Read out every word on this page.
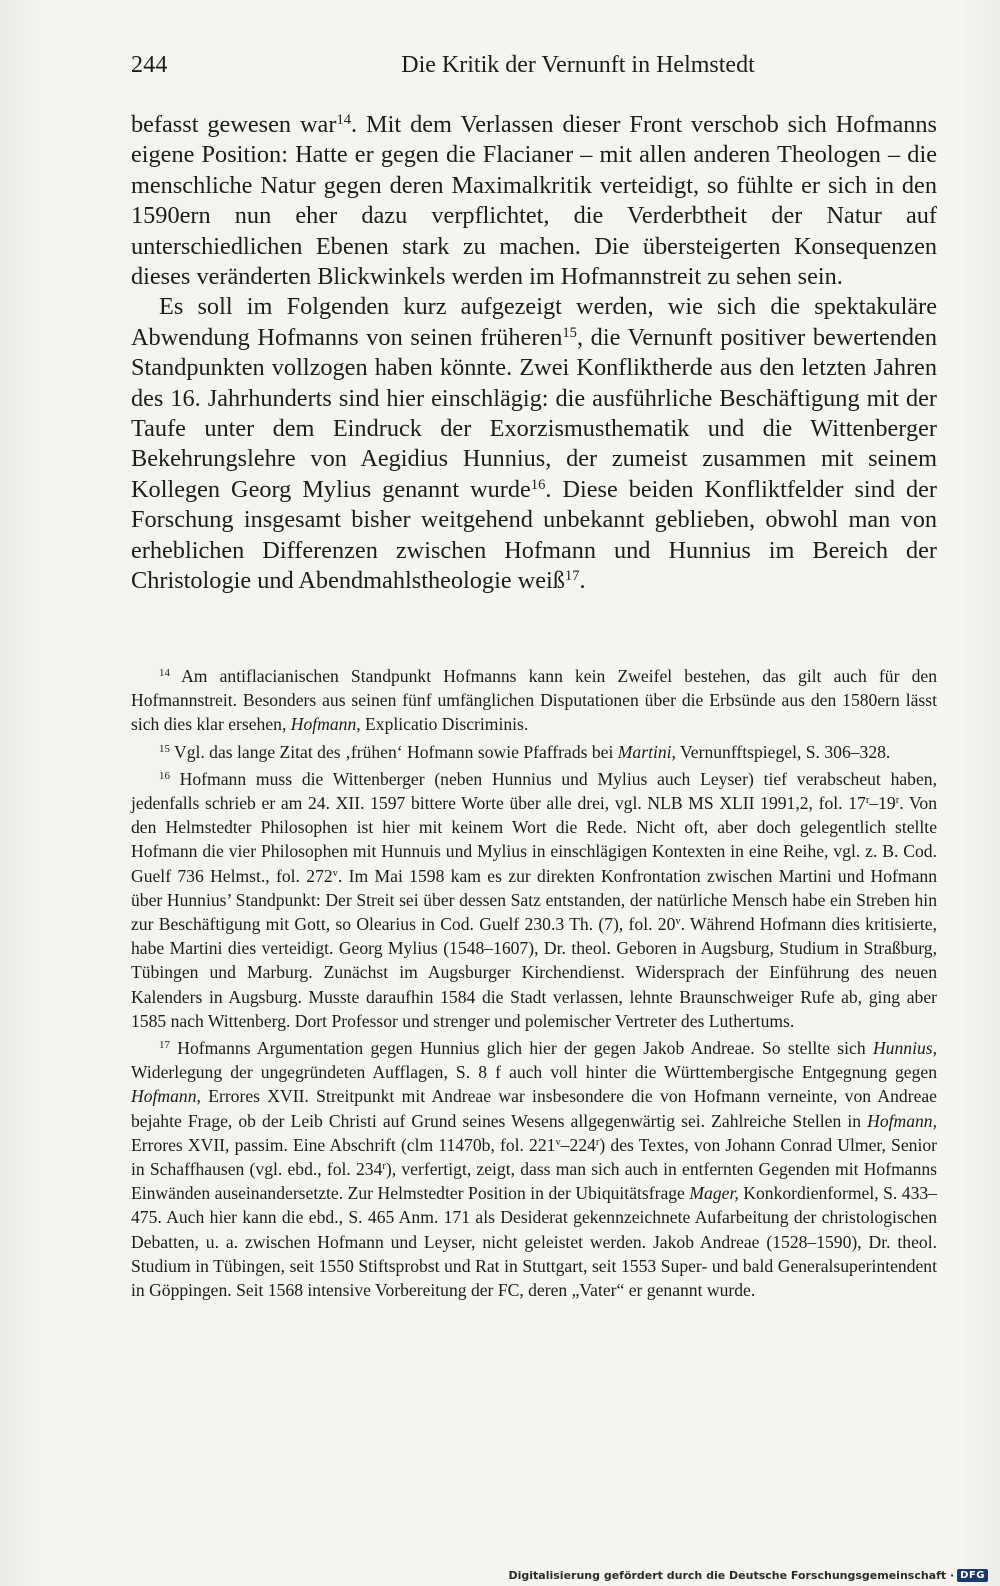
244	Die Kritik der Vernunft in Helmstedt

befasst gewesen war$^{14}$. Mit dem Verlassen dieser Front verschob sich Hofmanns eigene Position: Hatte er gegen die Flacianer – mit allen anderen Theologen – die menschliche Natur gegen deren Maximalkritik verteidigt, so fühlte er sich in den 1590ern nun eher dazu verpflichtet, die Verderbtheit der Natur auf unterschiedlichen Ebenen stark zu machen. Die übersteigerten Konsequenzen dieses veränderten Blickwinkels werden im Hofmannstreit zu sehen sein.

Es soll im Folgenden kurz aufgezeigt werden, wie sich die spektakuläre Abwendung Hofmanns von seinen früheren$^{15}$, die Vernunft positiver bewertenden Standpunkten vollzogen haben könnte. Zwei Konfliktherde aus den letzten Jahren des 16. Jahrhunderts sind hier einschlägig: die ausführliche Beschäftigung mit der Taufe unter dem Eindruck der Exorzismusthematik und die Wittenberger Bekehrungslehre von Aegidius Hunnius, der zumeist zusammen mit seinem Kollegen Georg Mylius genannt wurde$^{16}$. Diese beiden Konfliktfelder sind der Forschung insgesamt bisher weitgehend unbekannt geblieben, obwohl man von erheblichen Differenzen zwischen Hofmann und Hunnius im Bereich der Christologie und Abendmahlstheologie weiß$^{17}$.

$^{14}$ Am antiflacianischen Standpunkt Hofmanns kann kein Zweifel bestehen, das gilt auch für den Hofmannstreit. Besonders aus seinen fünf umfänglichen Disputationen über die Erbsünde aus den 1580ern lässt sich dies klar ersehen, Hofmann, Explicatio Discriminis.

$^{15}$ Vgl. das lange Zitat des ‚frühen‘ Hofmann sowie Pfaffrads bei Martini, Vernunfftspiegel, S. 306–328.

$^{16}$ Hofmann muss die Wittenberger (neben Hunnius und Mylius auch Leyser) tief verabscheut haben, jedenfalls schrieb er am 24. XII. 1597 bittere Worte über alle drei, vgl. NLB MS XLII 1991,2, fol. 17$^r$–19$^r$. Von den Helmstedter Philosophen ist hier mit keinem Wort die Rede. Nicht oft, aber doch gelegentlich stellte Hofmann die vier Philosophen mit Hunnuis und Mylius in einschlägigen Kontexten in eine Reihe, vgl. z. B. Cod. Guelf 736 Helmst., fol. 272$^v$. Im Mai 1598 kam es zur direkten Konfrontation zwischen Martini und Hofmann über Hunnius’ Standpunkt: Der Streit sei über dessen Satz entstanden, der natürliche Mensch habe ein Streben hin zur Beschäftigung mit Gott, so Olearius in Cod. Guelf 230.3 Th. (7), fol. 20$^v$. Während Hofmann dies kritisierte, habe Martini dies verteidigt. Georg Mylius (1548–1607), Dr. theol. Geboren in Augsburg, Studium in Straßburg, Tübingen und Marburg. Zunächst im Augsburger Kirchendienst. Widersprach der Einführung des neuen Kalenders in Augsburg. Musste daraufhin 1584 die Stadt verlassen, lehnte Braunschweiger Rufe ab, ging aber 1585 nach Wittenberg. Dort Professor und strenger und polemischer Vertreter des Luthertums.

$^{17}$ Hofmanns Argumentation gegen Hunnius glich hier der gegen Jakob Andreae. So stellte sich Hunnius, Widerlegung der ungegründeten Aufflagen, S. 8 f auch voll hinter die Württembergische Entgegnung gegen Hofmann, Errores XVII. Streitpunkt mit Andreae war insbesondere die von Hofmann verneinte, von Andreae bejahte Frage, ob der Leib Christi auf Grund seines Wesens allgegenwärtig sei. Zahlreiche Stellen in Hofmann, Errores XVII, passim. Eine Abschrift (clm 11470b, fol. 221$^v$–224$^r$) des Textes, von Johann Conrad Ulmer, Senior in Schaffhausen (vgl. ebd., fol. 234$^r$), verfertigt, zeigt, dass man sich auch in entfernten Gegenden mit Hofmanns Einwänden auseinandersetzte. Zur Helmstedter Position in der Ubiquitätsfrage Mager, Konkordienformel, S. 433–475. Auch hier kann die ebd., S. 465 Anm. 171 als Desiderat gekennzeichnete Aufarbeitung der christologischen Debatten, u. a. zwischen Hofmann und Leyser, nicht geleistet werden. Jakob Andreae (1528–1590), Dr. theol. Studium in Tübingen, seit 1550 Stiftsprobst und Rat in Stuttgart, seit 1553 Super- und bald Generalsuperintendent in Göppingen. Seit 1568 intensive Vorbereitung der FC, deren „Vater“ er genannt wurde.

Digitalisierung gefördert durch die Deutsche Forschungsgemeinschaft · DFG
